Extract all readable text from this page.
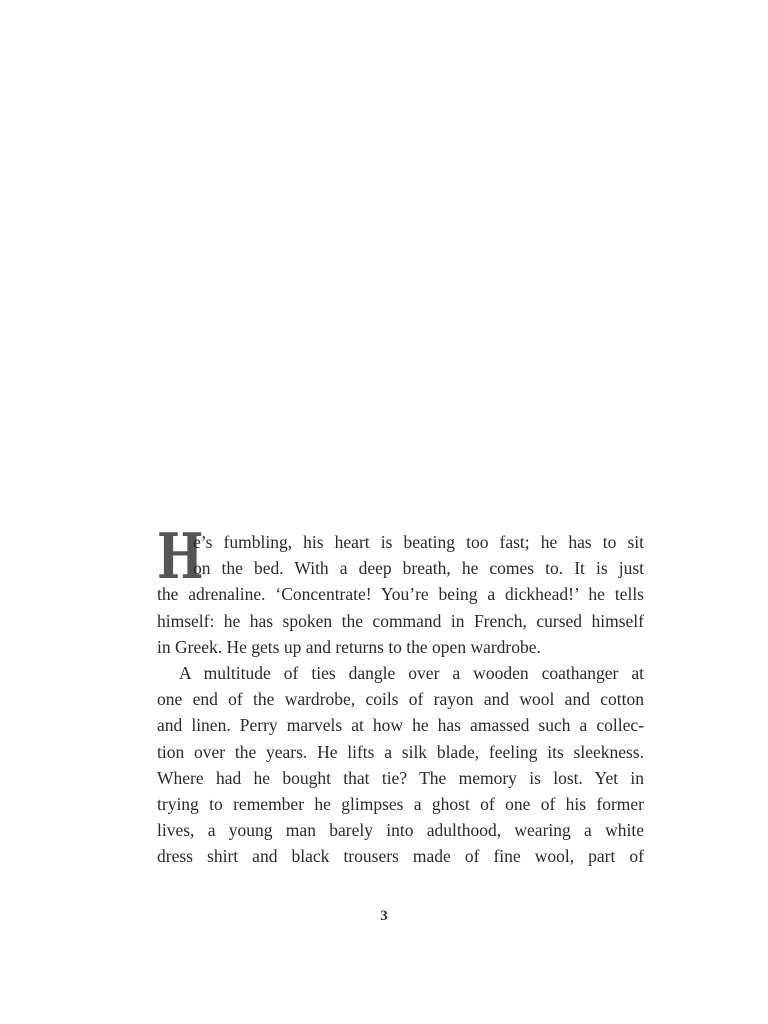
H
e’s fumbling, his heart is beating too fast; he has to sit
on the bed. With a deep breath, he comes to. It is just
the adrenaline. ‘Concentrate! You’re being a dickhead!’ he tells
himself: he has spoken the command in French, cursed himself
in Greek. He gets up and returns to the open wardrobe.
A multitude of ties dangle over a wooden coathanger at
one end of the wardrobe, coils of rayon and wool and cotton
and linen. Perry marvels at how he has amassed such a collec-
tion over the years. He lifts a silk blade, feeling its sleekness.
Where had he bought that tie? The memory is lost. Yet in
trying to remember he glimpses a ghost of one of his former
lives, a young man barely into adulthood, wearing a white
dress shirt and black trousers made of fine wool, part of
3
